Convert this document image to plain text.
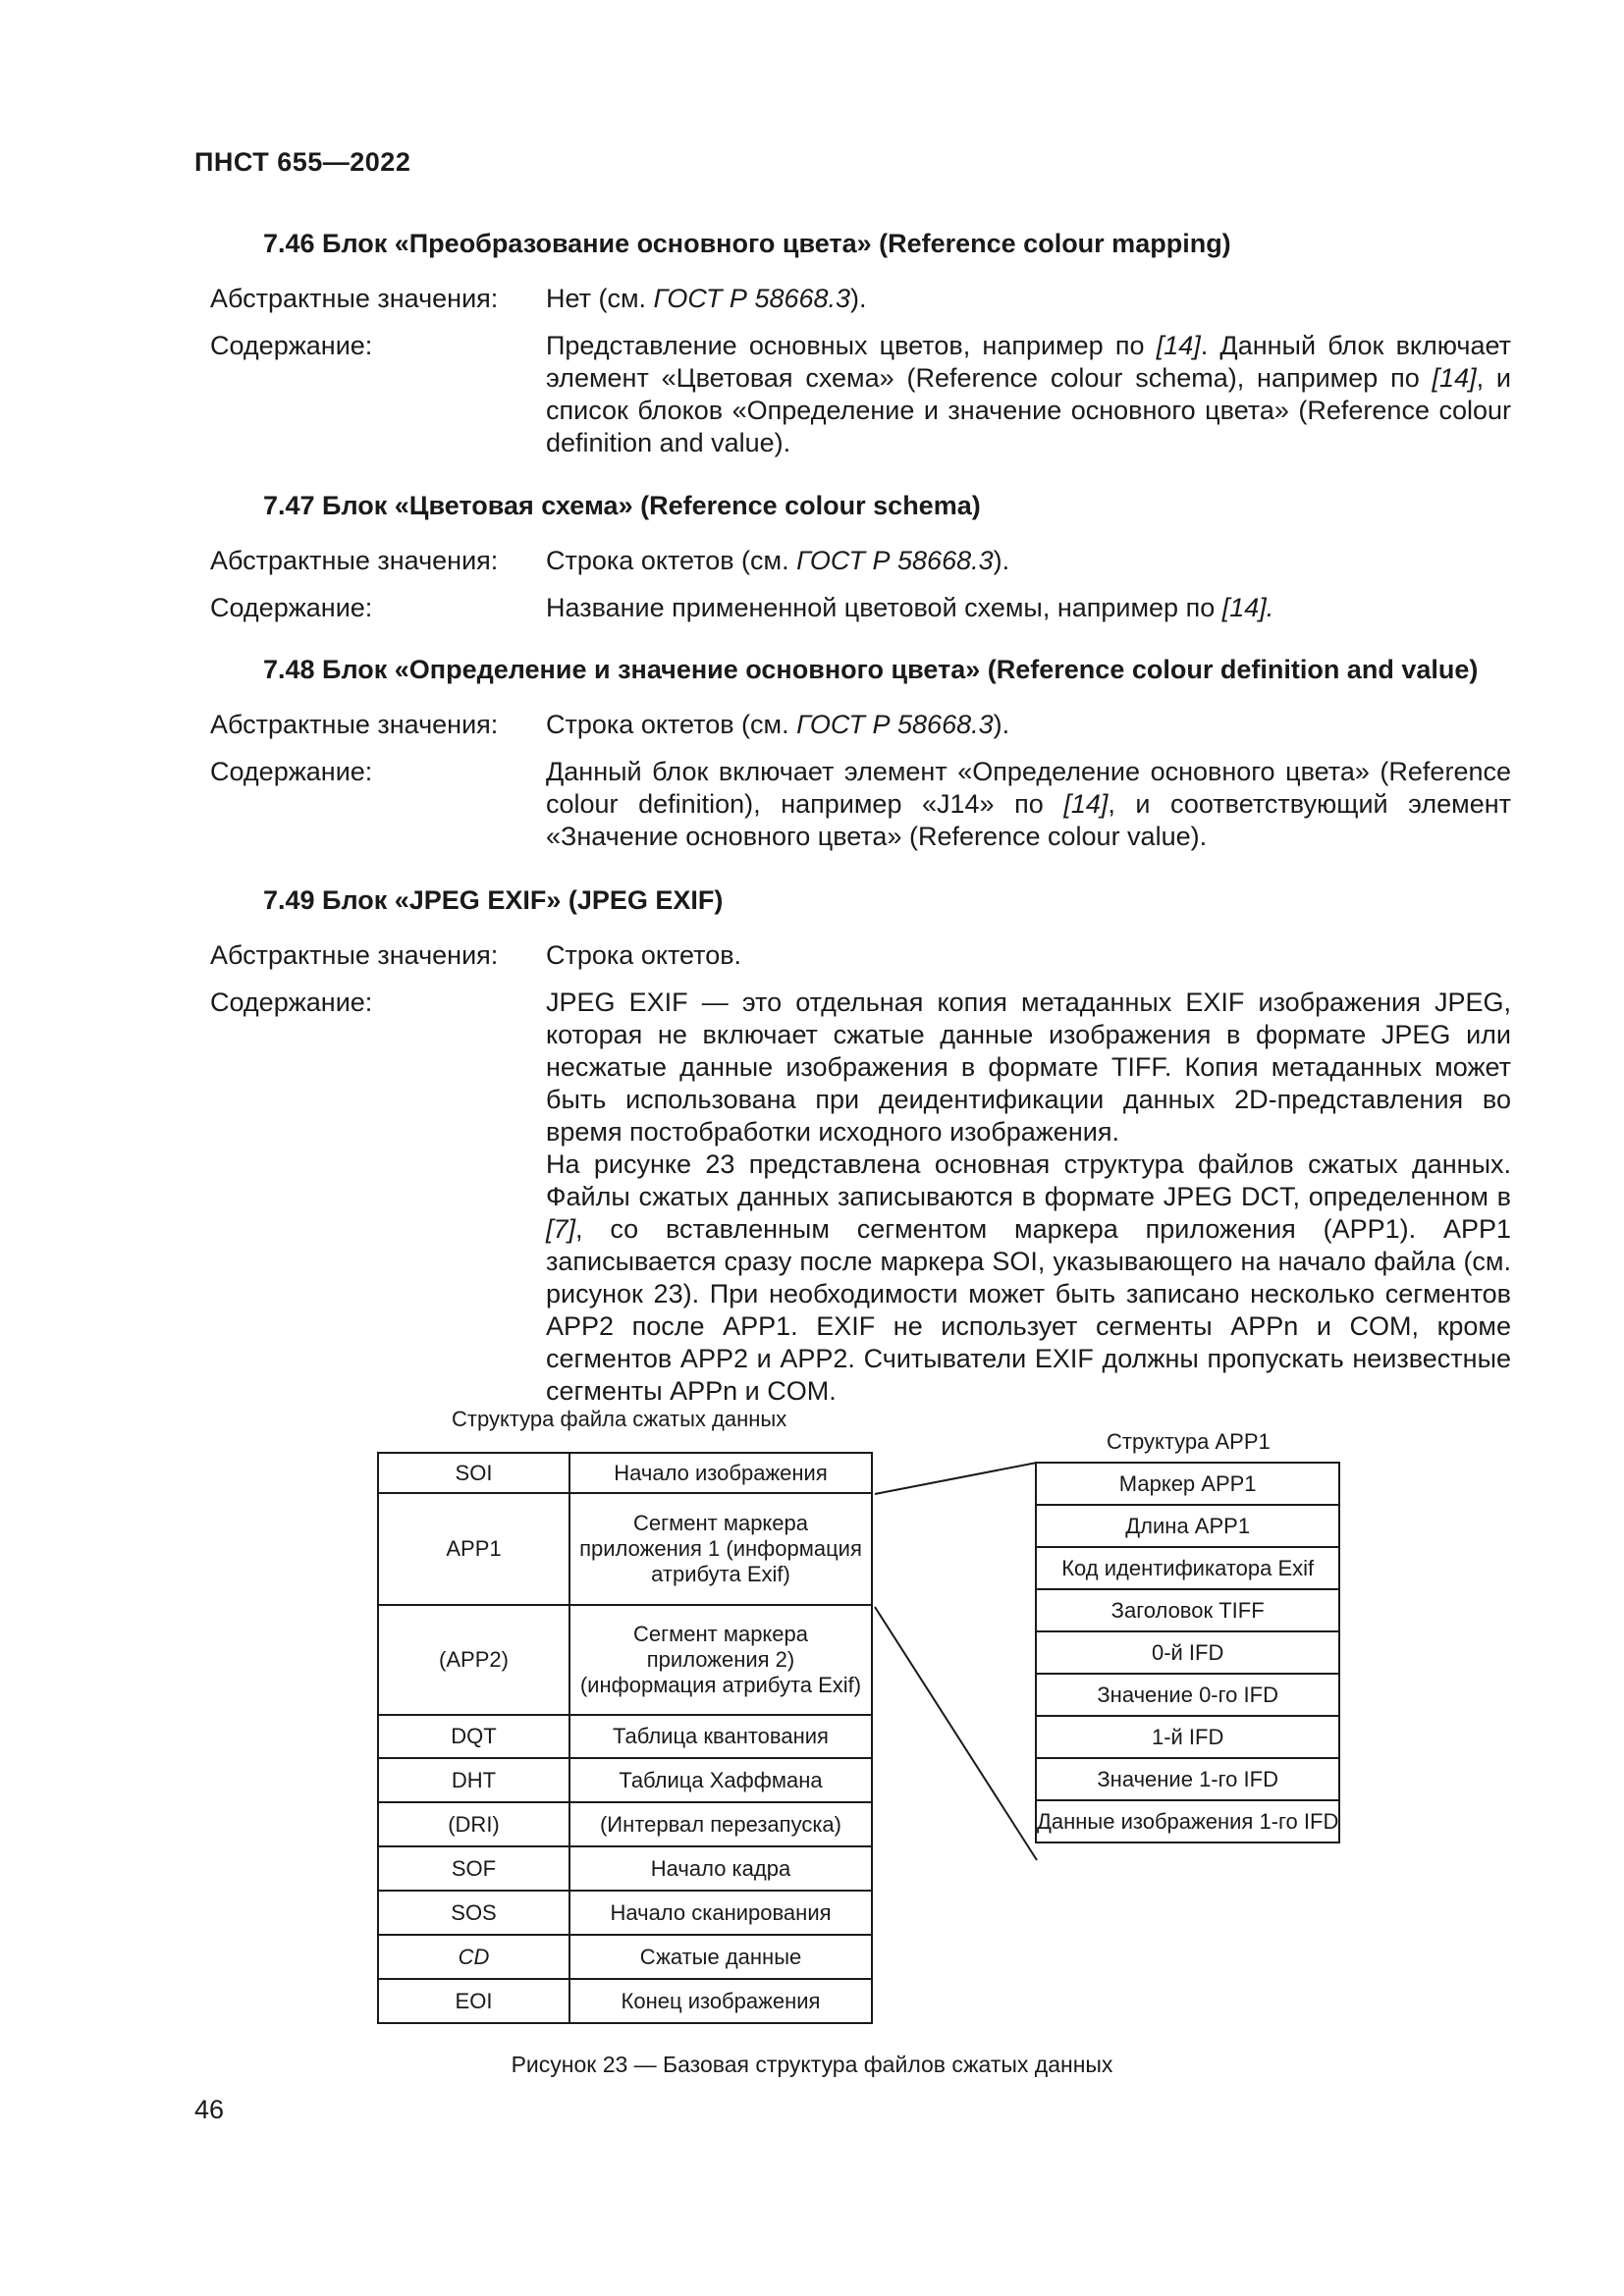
ПНСТ 655—2022
7.46 Блок «Преобразование основного цвета» (Reference colour mapping)
Абстрактные значения: Нет (см. ГОСТ Р 58668.3).
Содержание:	Представление основных цветов, например по [14]. Данный блок включает элемент «Цветовая схема» (Reference colour schema), например по [14], и список блоков «Определение и значение основного цвета» (Reference colour definition and value).
7.47 Блок «Цветовая схема» (Reference colour schema)
Абстрактные значения: Строка октетов (см. ГОСТ Р 58668.3).
Содержание:	Название примененной цветовой схемы, например по [14].
7.48 Блок «Определение и значение основного цвета» (Reference colour definition and value)
Абстрактные значения: Строка октетов (см. ГОСТ Р 58668.3).
Содержание:	Данный блок включает элемент «Определение основного цвета» (Reference colour definition), например «J14» по [14], и соответствующий элемент «Значение основного цвета» (Reference colour value).
7.49 Блок «JPEG EXIF» (JPEG EXIF)
Абстрактные значения: Строка октетов.
Содержание:	JPEG EXIF — это отдельная копия метаданных EXIF изображения JPEG, которая не включает сжатые данные изображения в формате JPEG или несжатые данные изображения в формате TIFF. Копия метаданных может быть использована при деидентификации данных 2D-представления во время постобработки исходного изображения.

На рисунке 23 представлена основная структура файлов сжатых данных. Файлы сжатых данных записываются в формате JPEG DCT, определенном в [7], со вставленным сегментом маркера приложения (APP1). APP1 записывается сразу после маркера SOI, указывающего на начало файла (см. рисунок 23). При необходимости может быть записано несколько сегментов APP2 после APP1. EXIF не использует сегменты APPn и COM, кроме сегментов APP2 и APP2. Считыватели EXIF должны пропускать неизвестные сегменты APPn и COM.

Структура файла сжатых данных
Структура APP1
SOI	Начало изображения
APP1	Сегмент маркера приложения 1 (информация атрибута Exif)
(APP2)	Сегмент маркера приложения 2) (информация атрибута Exif)
DQT	Таблица квантования
DHT	Таблица Хаффмана
(DRI)	(Интервал перезапуска)
SOF	Начало кадра
SOS	Начало сканирования
CD	Сжатые данные
EOI	Конец изображения
Маркер APP1
Длина APP1
Код идентификатора Exif
Заголовок TIFF
0-й IFD
Значение 0-го IFD
1-й IFD
Значение 1-го IFD
Данные изображения 1-го IFD
Рисунок 23 — Базовая структура файлов сжатых данных
46
